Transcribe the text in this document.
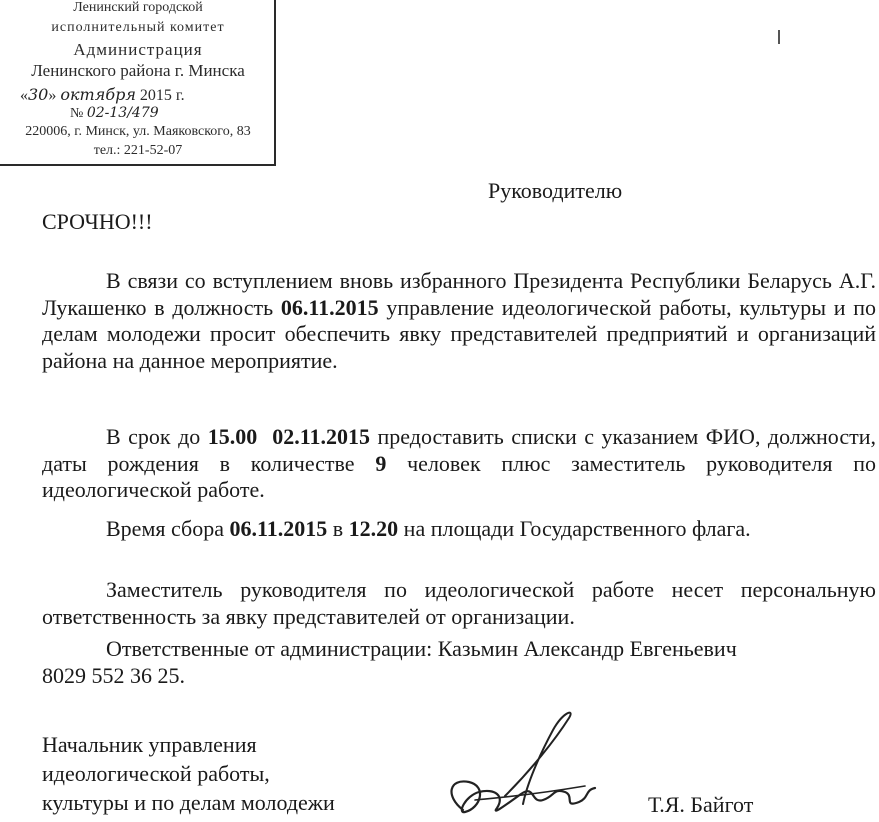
Ленинский городской
исполнительный комитет
Администрация
Ленинского района г. Минска
«30» октября 2015 г.
№ 02-13/479
220006, г. Минск, ул. Маяковского, 83
тел.: 221-52-07
Руководителю
СРОЧНО!!!
В связи со вступлением вновь избранного Президента Республики Беларусь А.Г. Лукашенко в должность 06.11.2015 управление идеологической работы, культуры и по делам молодежи просит обеспечить явку представителей предприятий и организаций района на данное мероприятие.
В срок до 15.00 02.11.2015 предоставить списки с указанием ФИО, должности, даты рождения в количестве 9 человек плюс заместитель руководителя по идеологической работе.
Время сбора 06.11.2015 в 12.20 на площади Государственного флага.
Заместитель руководителя по идеологической работе несет персональную ответственность за явку представителей от организации.
Ответственные от администрации: Казьмин Александр Евгеньевич
8029 552 36 25.
Начальник управления
идеологической работы,
культуры и по делам молодежи	Т.Я. Байгот
